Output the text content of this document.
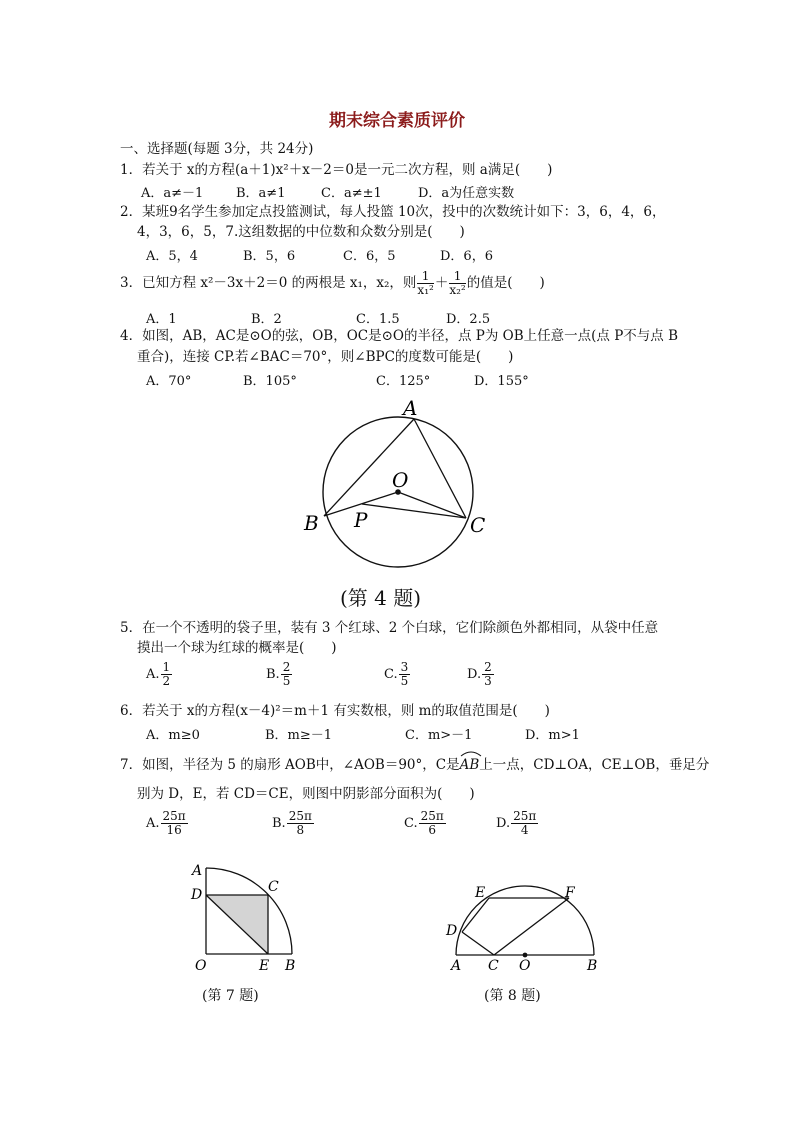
期末综合素质评价
一、选择题(每题 3分，共 24分)
1．若关于 x的方程(a＋1)x²＋x－2＝0是一元二次方程，则 a满足(　　)
A．a≠－1	B．a≠1	C．a≠±1	D．a为任意实数
2．某班9名学生参加定点投篮测试，每人投篮 10次，投中的次数统计如下：3，6，4，6，
4，3，6，5，7.这组数据的中位数和众数分别是(　　)
A．5，4	B．5，6	C．6，5	D．6，6
3．已知方程 x²－3x＋2＝0 的两根是 x₁，x₂，则 $\frac{1}{\text{x₁²}} + \frac{1}{\text{x₂²}}$ 的值是(　　)
A．1	B．2	C．1.5	D．2.5
4．如图，AB，AC是⊙O的弦，OB，OC是⊙O的半径，点 P为 OB上任意一点(点 P不与点 B
重合)，连接 CP.若∠BAC＝70°，则∠BPC的度数可能是(　　)
A．70°	B．105°	C．125°	D．155°
A
O
B P	C
(第 4 题)
5．在一个不透明的袋子里，装有 3 个红球、2 个白球，它们除颜色外都相同，从袋中任意
摸出一个球为红球的概率是(　　)
A. $\frac{1}{2}$	B. $\frac{2}{5}$	C. $\frac{3}{5}$	D. $\frac{2}{3}$
6．若关于 x的方程(x－4)²＝m＋1 有实数根，则 m的取值范围是(　　)
A．m≥0	B．m≥－1	C．m>－1	D．m>1
7．如图，半径为 5 的扇形 AOB中，∠AOB＝90°，C是
AB上一点，CD⊥OA，CE⊥OB，垂足分
别为 D，E，若 CD＝CE，则图中阴影部分面积为(　　)
A. $\frac{25\pi}{16}$	B. $\frac{25\pi}{8}$	C. $\frac{25\pi}{6}$	D. $\frac{25\pi}{4}$
A
D	C
O	E B
(第 7 题)
E	F
D
A C O	B
(第 8 题)
